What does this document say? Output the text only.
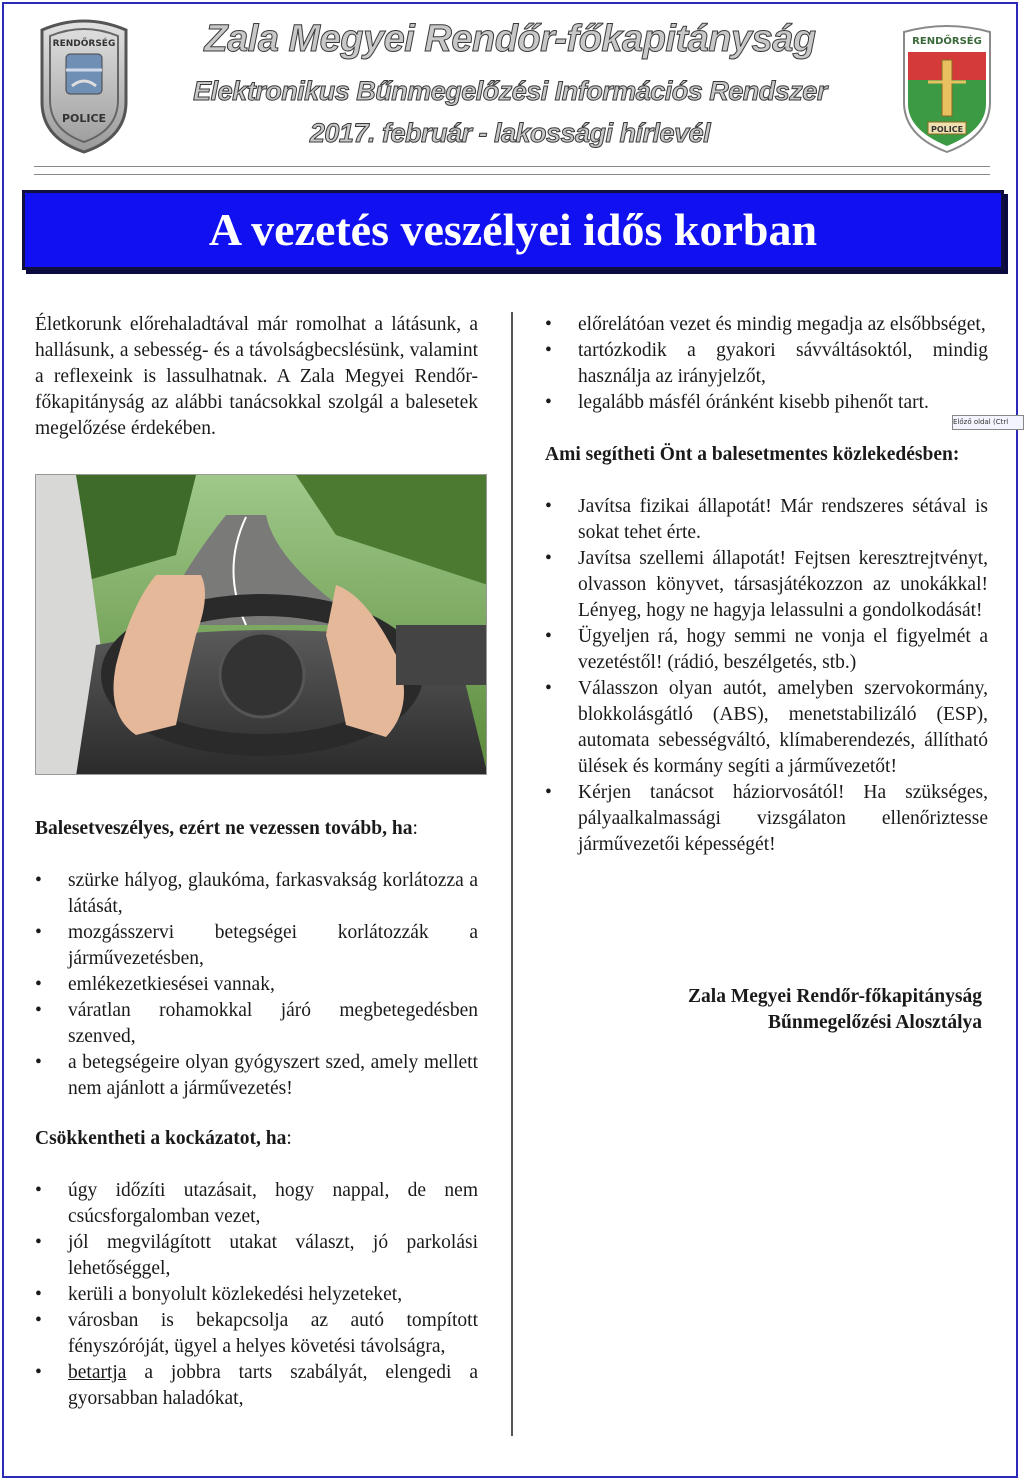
RENDŐRSÉG
POLICE
RENDŐRSÉG
POLICE
Zala Megyei Rendőr-főkapitányság
Elektronikus Bűnmegelőzési Információs Rendszer
2017. február - lakossági hírlevél
A vezetés veszélyei idős korban

Életkorunk előrehaladtával már romolhat a látásunk, a hallásunk, a sebesség- és a távolságbecslésünk, valamint a reflexeink is lassulhatnak. A Zala Megyei Rendőr-főkapitányság az alábbi tanácsokkal szolgál a balesetek megelőzése érdekében.

Balesetveszélyes, ezért ne vezessen tovább, ha:

• szürke hályog, glaukóma, farkasvakság korlátozza a látását,
• mozgásszervi betegségei korlátozzák a járművezetésben,
• emlékezetkiesései vannak,
• váratlan rohamokkal járó megbetegedésben szenved,
• a betegségeire olyan gyógyszert szed, amely mellett nem ajánlott a járművezetés!

Csökkentheti a kockázatot, ha:

• úgy időzíti utazásait, hogy nappal, de nem csúcsforgalomban vezet,
• jól megvilágított utakat választ, jó parkolási lehetőséggel,
• kerüli a bonyolult közlekedési helyzeteket,
• városban is bekapcsolja az autó tompított fényszóróját, ügyel a helyes követési távolságra,
• betartja a jobbra tarts szabályát, elengedi a gyorsabban haladókat,
• előrelátóan vezet és mindig megadja az elsőbbséget,
• tartózkodik a gyakori sávváltásoktól, mindig használja az irányjelzőt,
• legalább másfél óránként kisebb pihenőt tart.

Ami segítheti Önt a balesetmentes közlekedésben:

• Javítsa fizikai állapotát! Már rendszeres sétával is sokat tehet érte.
• Javítsa szellemi állapotát! Fejtsen keresztrejtvényt, olvasson könyvet, társasjátékozzon az unokákkal! Lényeg, hogy ne hagyja lelassulni a gondolkodását!
• Ügyeljen rá, hogy semmi ne vonja el figyelmét a vezetéstől! (rádió, beszélgetés, stb.)
• Válasszon olyan autót, amelyben szervokormány, blokkolásgátló (ABS), menetstabilizáló (ESP), automata sebességváltó, klímaberendezés, állítható ülések és kormány segíti a járművezetőt!
• Kérjen tanácsot háziorvosától! Ha szükséges, pályaalkalmassági vizsgálaton ellenőriztesse járművezetői képességét!
Előző oldal (Ctrl
Zala Megyei Rendőr-főkapitányság
Bűnmegelőzési Alosztálya
